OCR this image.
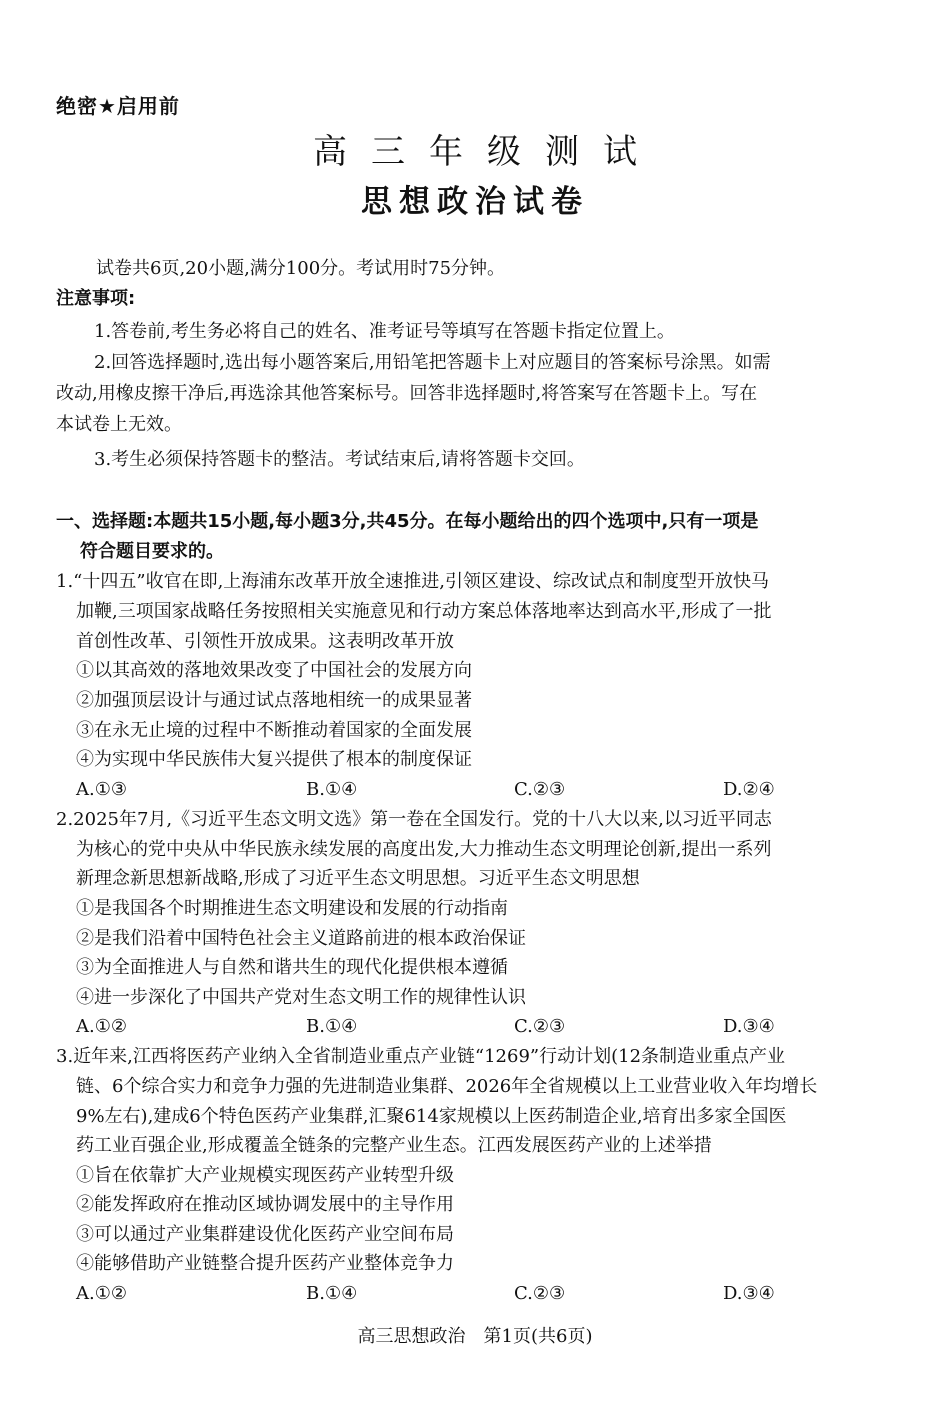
绝密★启用前
高三年级测试
思想政治试卷
试卷共6页,20小题,满分100分。考试用时75分钟。
注意事项:
1.答卷前,考生务必将自己的姓名、准考证号等填写在答题卡指定位置上。
2.回答选择题时,选出每小题答案后,用铅笔把答题卡上对应题目的答案标号涂黑。如需
改动,用橡皮擦干净后,再选涂其他答案标号。回答非选择题时,将答案写在答题卡上。写在
本试卷上无效。
3.考生必须保持答题卡的整洁。考试结束后,请将答题卡交回。
一、选择题:本题共15小题,每小题3分,共45分。在每小题给出的四个选项中,只有一项是
符合题目要求的。
1.“十四五”收官在即,上海浦东改革开放全速推进,引领区建设、综改试点和制度型开放快马
加鞭,三项国家战略任务按照相关实施意见和行动方案总体落地率达到高水平,形成了一批
首创性改革、引领性开放成果。这表明改革开放
①以其高效的落地效果改变了中国社会的发展方向
②加强顶层设计与通过试点落地相统一的成果显著
③在永无止境的过程中不断推动着国家的全面发展
④为实现中华民族伟大复兴提供了根本的制度保证
A.①③	B.①④	C.②③	D.②④
2.2025年7月,《习近平生态文明文选》第一卷在全国发行。党的十八大以来,以习近平同志
为核心的党中央从中华民族永续发展的高度出发,大力推动生态文明理论创新,提出一系列
新理念新思想新战略,形成了习近平生态文明思想。习近平生态文明思想
①是我国各个时期推进生态文明建设和发展的行动指南
②是我们沿着中国特色社会主义道路前进的根本政治保证
③为全面推进人与自然和谐共生的现代化提供根本遵循
④进一步深化了中国共产党对生态文明工作的规律性认识
A.①②	B.①④	C.②③	D.③④
3.近年来,江西将医药产业纳入全省制造业重点产业链“1269”行动计划(12条制造业重点产业
链、6个综合实力和竞争力强的先进制造业集群、2026年全省规模以上工业营业收入年均增长
9%左右),建成6个特色医药产业集群,汇聚614家规模以上医药制造企业,培育出多家全国医
药工业百强企业,形成覆盖全链条的完整产业生态。江西发展医药产业的上述举措
①旨在依靠扩大产业规模实现医药产业转型升级
②能发挥政府在推动区域协调发展中的主导作用
③可以通过产业集群建设优化医药产业空间布局
④能够借助产业链整合提升医药产业整体竞争力
A.①②	B.①④	C.②③	D.③④
高三思想政治　第1页(共6页)
